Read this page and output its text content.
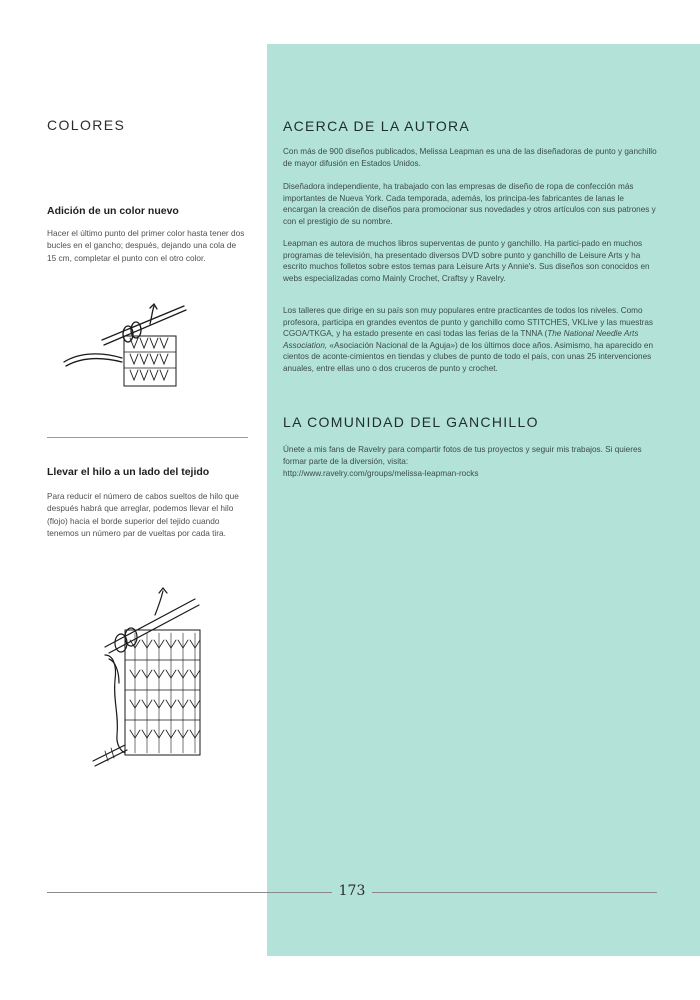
COLORES
Adición de un color nuevo

Hacer el último punto del primer color hasta tener dos bucles en el gancho; después, dejando una cola de 15 cm, completar el punto con el otro color.

Llevar el hilo a un lado del tejido

Para reducir el número de cabos sueltos de hilo que después habrá que arreglar, podemos llevar el hilo (flojo) hacia el borde superior del tejido cuando tenemos un número par de vueltas por cada tira.

ACERCA DE LA AUTORA

Con más de 900 diseños publicados, Melissa Leapman es una de las diseñadoras de punto y ganchillo de mayor difusión en Estados Unidos.

Diseñadora independiente, ha trabajado con las empresas de diseño de ropa de confección más importantes de Nueva York. Cada temporada, además, los principa-les fabricantes de lanas le encargan la creación de diseños para promocionar sus novedades y otros artículos con sus patrones y con el prestigio de su nombre.

Leapman es autora de muchos libros superventas de punto y ganchillo. Ha partici-pado en muchos programas de televisión, ha presentado diversos DVD sobre punto y ganchillo de Leisure Arts y ha escrito muchos folletos sobre estos temas para Leisure Arts y Annie's. Sus diseños son conocidos en webs especializadas como Mainly Crochet, Craftsy y Ravelry.

Los talleres que dirige en su país son muy populares entre practicantes de todos los niveles. Como profesora, participa en grandes eventos de punto y ganchillo como STITCHES, VKLive y las muestras CGOA/TKGA, y ha estado presente en casi todas las ferias de la TNNA (The National Needle Arts Association, «Asociación Nacional de la Aguja») de los últimos doce años. Asimismo, ha aparecido en cientos de aconte-cimientos en tiendas y clubes de punto de todo el país, con unas 25 intervenciones anuales, entre ellas uno o dos cruceros de punto y crochet.

LA COMUNIDAD DEL GANCHILLO

Únete a mis fans de Ravelry para compartir fotos de tus proyectos y seguir mis trabajos. Si quieres formar parte de la diversión, visita:

http://www.ravelry.com/groups/melissa-leapman-rocks

173
